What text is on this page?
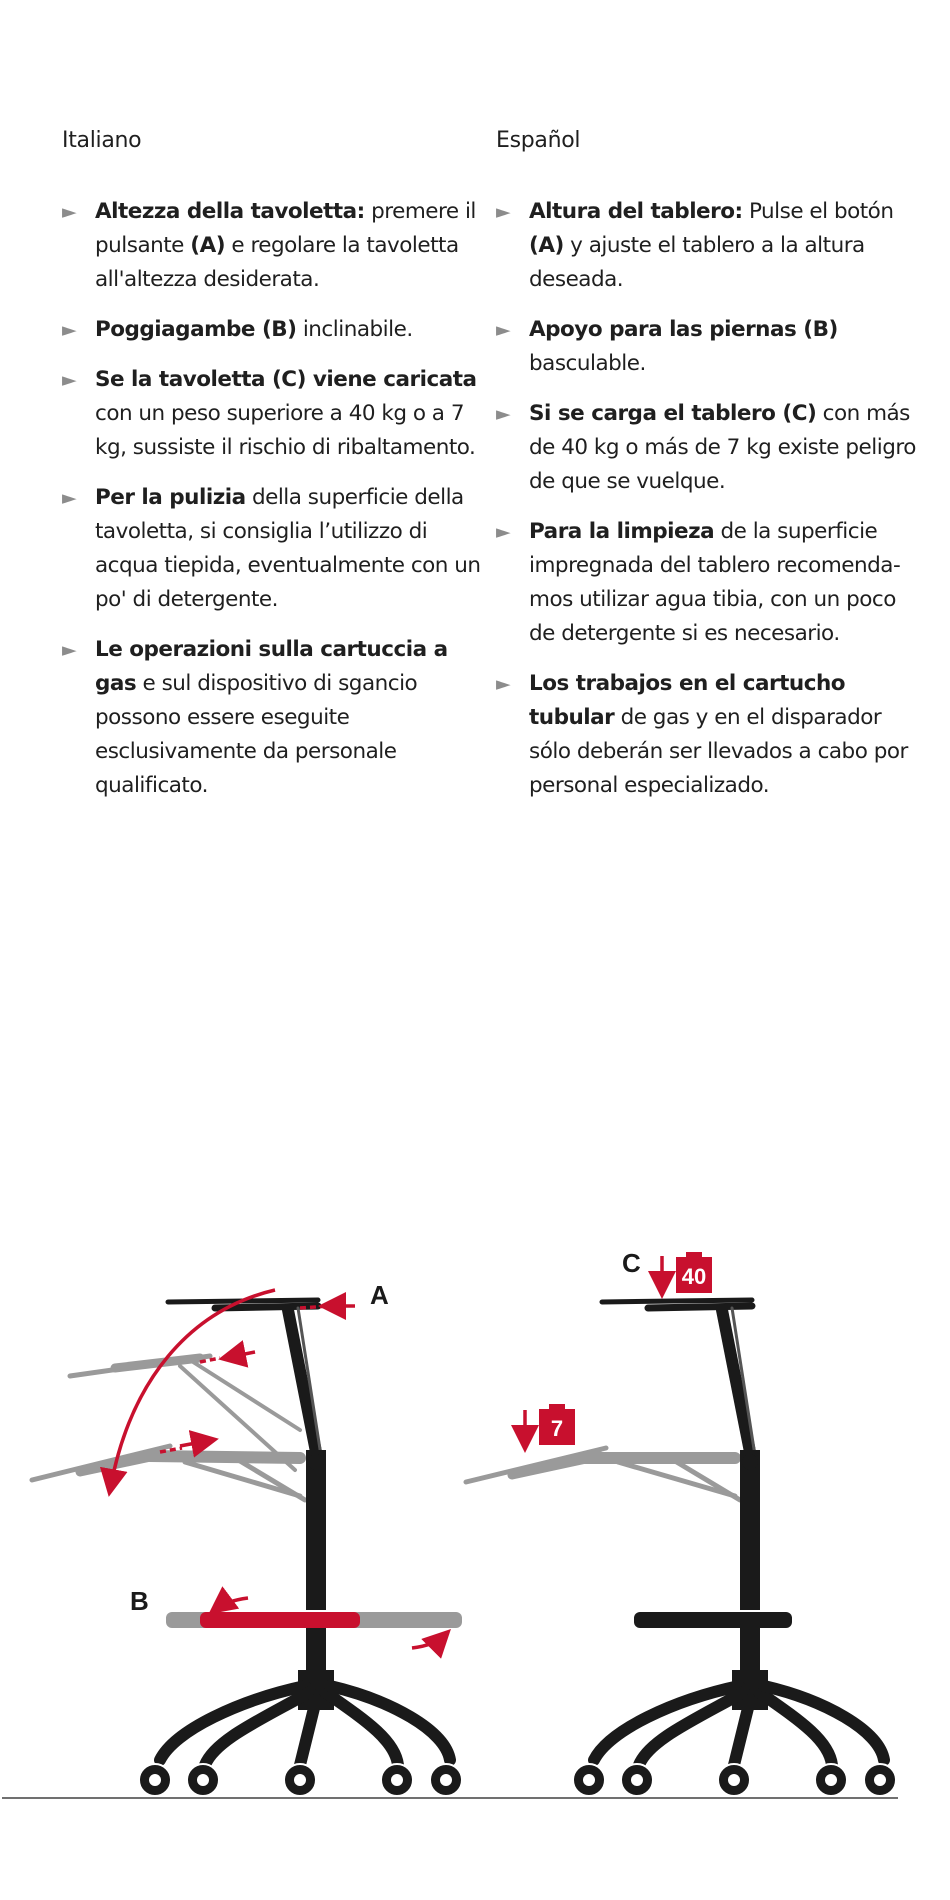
Italiano
► Altezza della tavoletta: premere il pulsante (A) e regolare la tavoletta all'altezza desiderata.
► Poggiagambe (B) inclinabile.
► Se la tavoletta (C) viene caricata con un peso superiore a 40 kg o a 7 kg, sussiste il rischio di ribaltamento.
► Per la pulizia della superficie della tavoletta, si consiglia l’utilizzo di acqua tiepida, eventualmente con un po' di detergente.
► Le operazioni sulla cartuccia a gas e sul dispositivo di sgancio possono essere eseguite esclusivamente da personale qualificato.
Español
► Altura del tablero: Pulse el botón (A) y ajuste el tablero a la altura deseada.
► Apoyo para las piernas (B) basculable.
► Si se carga el tablero (C) con más de 40 kg o más de 7 kg existe peligro de que se vuelque.
► Para la limpieza de la superficie impregnada del tablero recomenda-mos utilizar agua tibia, con un poco de detergente si es necesario.
► Los trabajos en el cartucho tubular de gas y en el disparador sólo deberán ser llevados a cabo por personal especializado.
A
B
40
7
C
